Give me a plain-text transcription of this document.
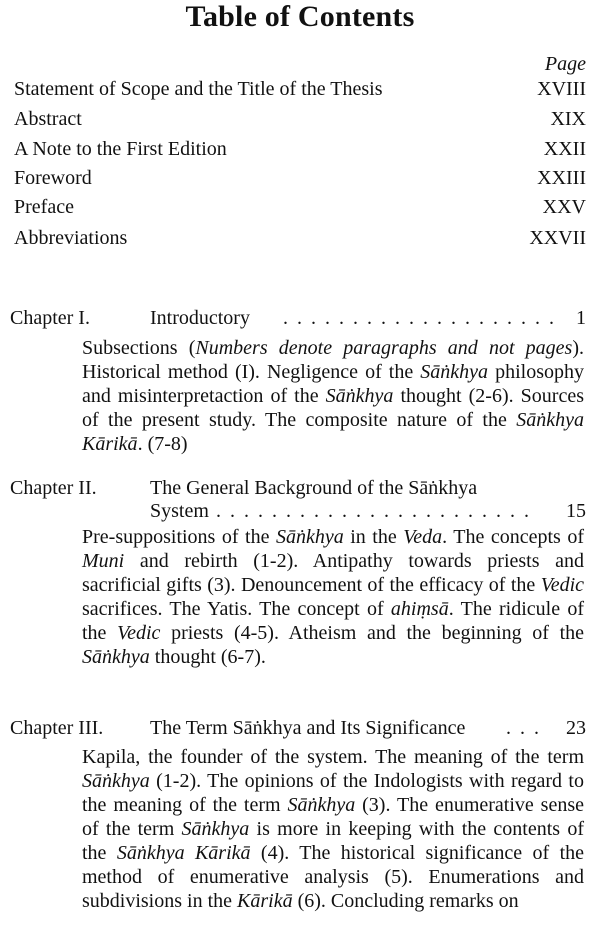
Table of Contents
Page
Statement of Scope and the Title of the Thesis	XVIII
Abstract	XIX
A Note to the First Edition	XXII
Foreword	XXIII
Preface	XXV
Abbreviations	XXVII
Chapter I.	Introductory . . . . . . . . . . . . . . . . . . . . 1
Subsections (Numbers denote paragraphs and not pages). Historical method (I). Negligence of the Sāṅkhya philosophy and misinterpretaction of the Sāṅkhya thought (2-6). Sources of the present study. The composite nature of the Sāṅkhya Kārikā. (7-8)
Chapter II.	The General Background of the Sāṅkhya
System . . . . . . . . . . . . . . . . . . . . . . . 15
Pre-suppositions of the Sāṅkhya in the Veda. The concepts of Muni and rebirth (1-2). Antipathy towards priests and sacrificial gifts (3). Denouncement of the efficacy of the Vedic sacrifices. The Yatis. The concept of ahiṃsā. The ridicule of the Vedic priests (4-5). Atheism and the beginning of the Sāṅkhya thought (6-7).
Chapter III. The Term Sāṅkhya and Its Significance . . .	23
Kapila, the founder of the system. The meaning of the term Sāṅkhya (1-2). The opinions of the Indologists with regard to the meaning of the term Sāṅkhya (3). The enumerative sense of the term Sāṅkhya is more in keeping with the contents of the Sāṅkhya Kārikā (4). The historical significance of the method of enumerative analysis (5). Enumerations and subdivisions in the Kārikā (6). Concluding remarks on
